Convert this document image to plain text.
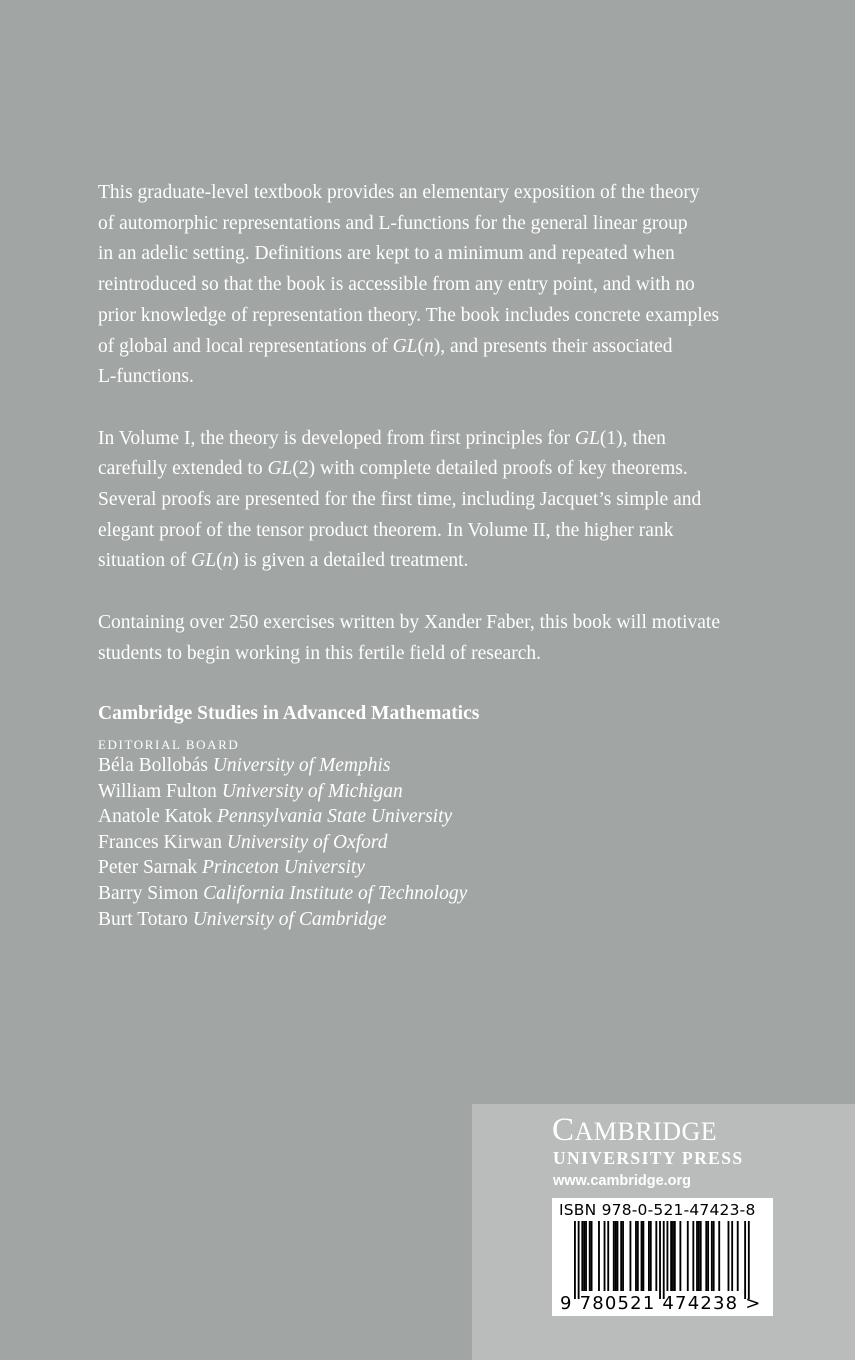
This graduate-level textbook provides an elementary exposition of the theory
of automorphic representations and L-functions for the general linear group
in an adelic setting. Definitions are kept to a minimum and repeated when
reintroduced so that the book is accessible from any entry point, and with no
prior knowledge of representation theory. The book includes concrete examples
of global and local representations of GL(n), and presents their associated
L-functions.

In Volume I, the theory is developed from first principles for GL(1), then
carefully extended to GL(2) with complete detailed proofs of key theorems.
Several proofs are presented for the first time, including Jacquet’s simple and
elegant proof of the tensor product theorem. In Volume II, the higher rank
situation of GL(n) is given a detailed treatment.

Containing over 250 exercises written by Xander Faber, this book will motivate
students to begin working in this fertile field of research.

Cambridge Studies in Advanced Mathematics
EDITORIAL BOARD
Béla Bollobás University of Memphis
William Fulton University of Michigan
Anatole Katok Pennsylvania State University
Frances Kirwan University of Oxford
Peter Sarnak Princeton University
Barry Simon California Institute of Technology
Burt Totaro University of Cambridge
CAMBRIDGE
UNIVERSITY PRESS
www.cambridge.org
ISBN 978-0-521-47423-8
9 780521 474238 >
